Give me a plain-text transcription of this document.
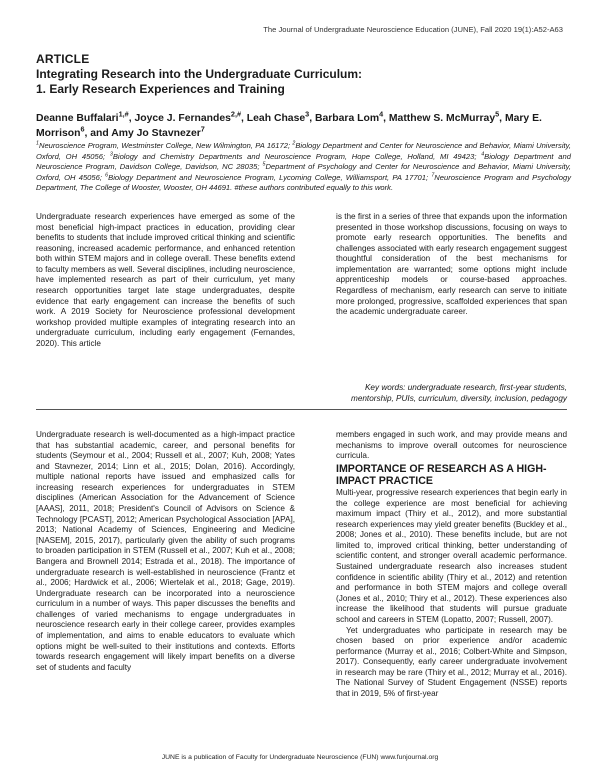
The Journal of Undergraduate Neuroscience Education (JUNE), Fall 2020 19(1):A52-A63
ARTICLE
Integrating Research into the Undergraduate Curriculum:
1. Early Research Experiences and Training

Deanne Buffalari$^{1,\#}$, Joyce J. Fernandes$^{2,\#}$, Leah Chase$^3$, Barbara Lom$^4$, Matthew S. McMurray$^5$, Mary E. Morrison$^6$, and Amy Jo Stavnezer$^7$

$^1$Neuroscience Program, Westminster College, New Wilmington, PA 16172; $^2$Biology Department and Center for Neuroscience and Behavior, Miami University, Oxford, OH 45056; $^3$Biology and Chemistry Departments and Neuroscience Program, Hope College, Holland, MI 49423; $^4$Biology Department and Neuroscience Program, Davidson College, Davidson, NC 28035; $^5$Department of Psychology and Center for Neuroscience and Behavior, Miami University, Oxford, OH 45056; $^6$Biology Department and Neuroscience Program, Lycoming College, Williamsport, PA 17701; $^7$Neuroscience Program and Psychology Department, The College of Wooster, Wooster, OH 44691. #these authors contributed equally to this work.

Undergraduate research experiences have emerged as some of the most beneficial high-impact practices in education, providing clear benefits to students that include improved critical thinking and scientific reasoning, increased academic performance, and enhanced retention both within STEM majors and in college overall. These benefits extend to faculty members as well. Several disciplines, including neuroscience, have implemented research as part of their curriculum, yet many research opportunities target late stage undergraduates, despite evidence that early engagement can increase the benefits of such work. A 2019 Society for Neuroscience professional development workshop provided multiple examples of integrating research into an undergraduate curriculum, including early engagement (Fernandes, 2020). This article

is the first in a series of three that expands upon the information presented in those workshop discussions, focusing on ways to promote early research opportunities. The benefits and challenges associated with early research engagement suggest thoughtful consideration of the best mechanisms for implementation are warranted; some options might include apprenticeship models or course-based approaches. Regardless of mechanism, early research can serve to initiate more prolonged, progressive, scaffolded experiences that span the academic undergraduate career.

Key words: undergraduate research, first-year students, mentorship, PUIs, curriculum, diversity, inclusion, pedagogy

Undergraduate research is well-documented as a high-impact practice that has substantial academic, career, and personal benefits for students (Seymour et al., 2004; Russell et al., 2007; Kuh, 2008; Yates and Stavnezer, 2014; Linn et al., 2015; Dolan, 2016). Accordingly, multiple national reports have issued and emphasized calls for increasing research experiences for undergraduates in STEM disciplines (American Association for the Advancement of Science [AAAS], 2011, 2018; President's Council of Advisors on Science & Technology [PCAST], 2012; American Psychological Association [APA], 2013; National Academy of Sciences, Engineering and Medicine [NASEM], 2015, 2017), particularly given the ability of such programs to broaden participation in STEM (Russell et al., 2007; Kuh et al., 2008; Bangera and Brownell 2014; Estrada et al., 2018). The importance of undergraduate research is well-established in neuroscience (Frantz et al., 2006; Hardwick et al., 2006; Wiertelak et al., 2018; Gage, 2019). Undergraduate research can be incorporated into a neuroscience curriculum in a number of ways. This paper discusses the benefits and challenges of varied mechanisms to engage undergraduates in neuroscience research early in their college career, provides examples of implementation, and aims to enable educators to evaluate which options might be well-suited to their institutions and contexts. Efforts towards research engagement will likely impart benefits on a diverse set of students and faculty

members engaged in such work, and may provide means and mechanisms to improve overall outcomes for neuroscience curricula.

IMPORTANCE OF RESEARCH AS A HIGH-IMPACT PRACTICE

Multi-year, progressive research experiences that begin early in the college experience are most beneficial for achieving maximum impact (Thiry et al., 2012), and more substantial research experiences may yield greater benefits (Buckley et al., 2008; Jones et al., 2010). These benefits include, but are not limited to, improved critical thinking, better understanding of scientific content, and stronger overall academic performance. Sustained undergraduate research also increases student confidence in scientific ability (Thiry et al., 2012) and retention and performance in both STEM majors and college overall (Jones et al., 2010; Thiry et al., 2012). These experiences also increase the likelihood that students will pursue graduate school and careers in STEM (Lopatto, 2007; Russell, 2007).

Yet undergraduates who participate in research may be chosen based on prior experience and/or academic performance (Murray et al., 2016; Colbert-White and Simpson, 2017). Consequently, early career undergraduate involvement in research may be rare (Thiry et al., 2012; Murray et al., 2016). The National Survey of Student Engagement (NSSE) reports that in 2019, 5% of first-year

JUNE is a publication of Faculty for Undergraduate Neuroscience (FUN) www.funjournal.org
